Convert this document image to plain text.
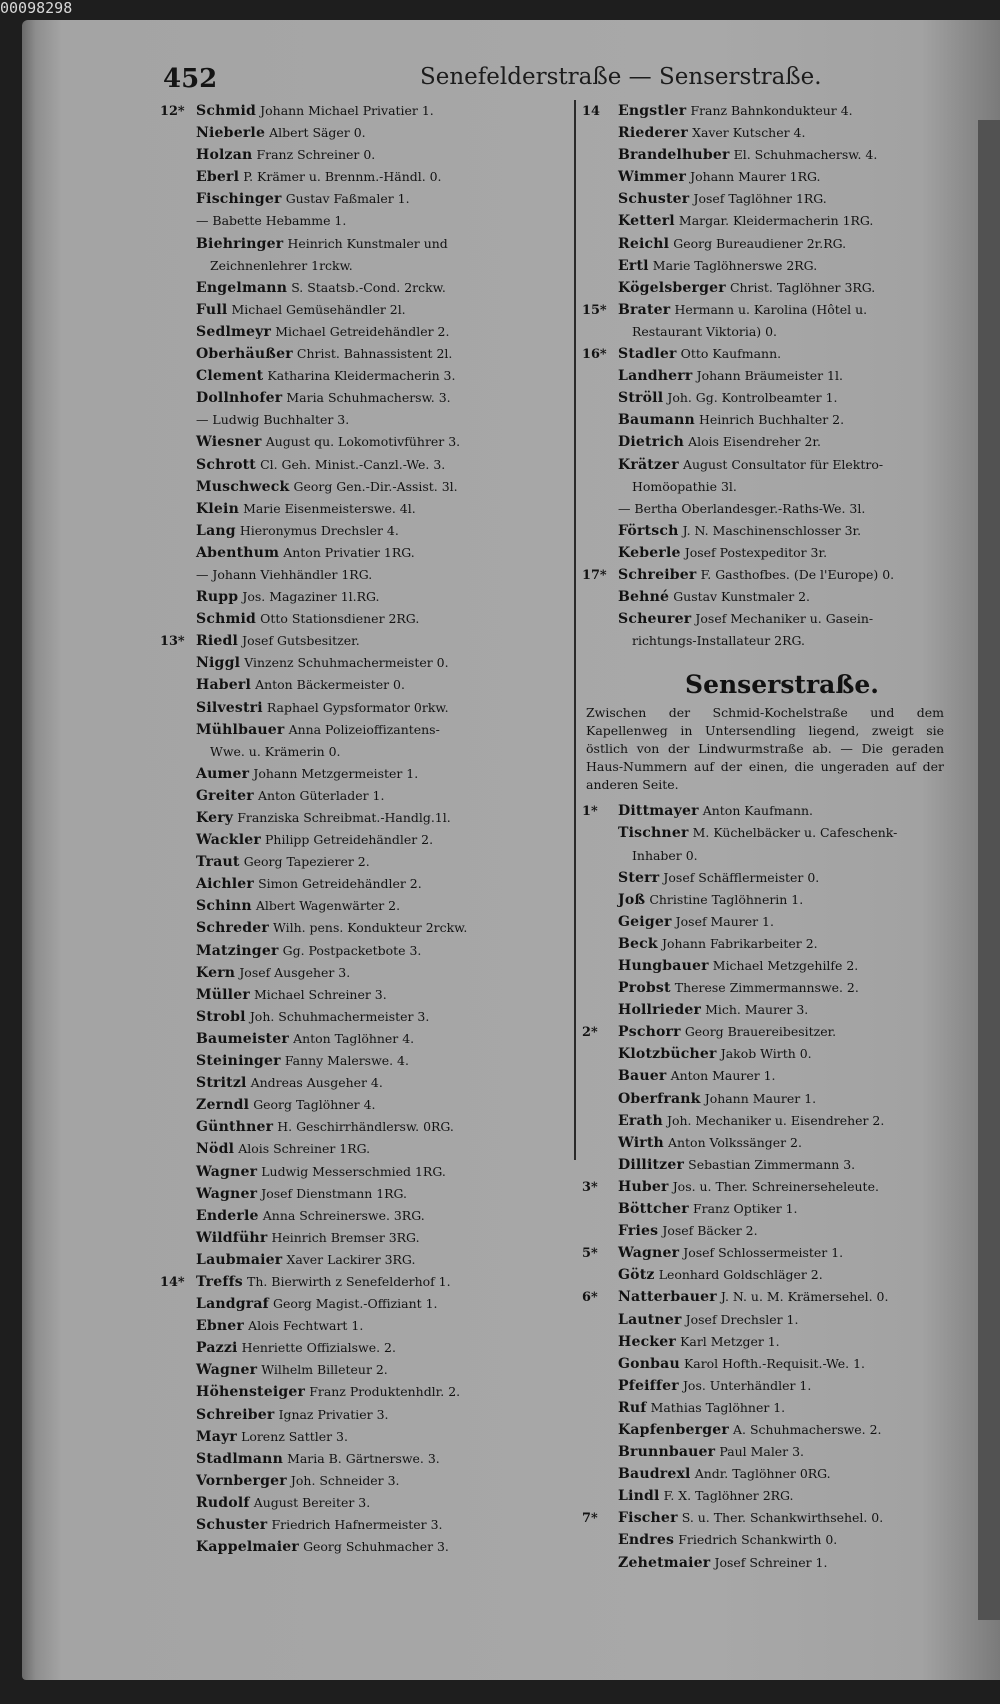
00098298
452	Senefelderstraße — Senserstraße.
12* Schmid Johann Michael Privatier 1.
Nieberle Albert Säger 0.
Holzan Franz Schreiner 0.
Eberl P. Krämer u. Brennm.-Händl. 0.
Fischinger Gustav Faßmaler 1.
— Babette Hebamme 1.
Biehringer Heinrich Kunstmaler und
Zeichnenlehrer 1rckw.
Engelmann S. Staatsb.-Cond. 2rckw.
Full Michael Gemüsehändler 2l.
Sedlmeyr Michael Getreidehändler 2.
Oberhäußer Christ. Bahnassistent 2l.
Clement Katharina Kleidermacherin 3.
Dollnhofer Maria Schuhmachersw. 3.
— Ludwig Buchhalter 3.
Wiesner August qu. Lokomotivführer 3.
Schrott Cl. Geh. Minist.-Canzl.-We. 3.
Muschweck Georg Gen.-Dir.-Assist. 3l.
Klein Marie Eisenmeisterswe. 4l.
Lang Hieronymus Drechsler 4.
Abenthum Anton Privatier 1RG.
— Johann Viehhändler 1RG.
Rupp Jos. Magaziner 1l.RG.
Schmid Otto Stationsdiener 2RG.
13* Riedl Josef Gutsbesitzer.
Niggl Vinzenz Schuhmachermeister 0.
Haberl Anton Bäckermeister 0.
Silvestri Raphael Gypsformator 0rkw.
Mühlbauer Anna Polizeioffizantens-
Wwe. u. Krämerin 0.
Aumer Johann Metzgermeister 1.
Greiter Anton Güterlader 1.
Kery Franziska Schreibmat.-Handlg.1l.
Wackler Philipp Getreidehändler 2.
Traut Georg Tapezierer 2.
Aichler Simon Getreidehändler 2.
Schinn Albert Wagenwärter 2.
Schreder Wilh. pens. Kondukteur 2rckw.
Matzinger Gg. Postpacketbote 3.
Kern Josef Ausgeher 3.
Müller Michael Schreiner 3.
Strobl Joh. Schuhmachermeister 3.
Baumeister Anton Taglöhner 4.
Steininger Fanny Malerswe. 4.
Stritzl Andreas Ausgeher 4.
Zerndl Georg Taglöhner 4.
Günthner H. Geschirrhändlersw. 0RG.
Nödl Alois Schreiner 1RG.
Wagner Ludwig Messerschmied 1RG.
Wagner Josef Dienstmann 1RG.
Enderle Anna Schreinerswe. 3RG.
Wildführ Heinrich Bremser 3RG.
Laubmaier Xaver Lackirer 3RG.
14* Treffs Th. Bierwirth z Senefelderhof 1.
Landgraf Georg Magist.-Offiziant 1.
Ebner Alois Fechtwart 1.
Pazzi Henriette Offizialswe. 2.
Wagner Wilhelm Billeteur 2.
Höhensteiger Franz Produktenhdlr. 2.
Schreiber Ignaz Privatier 3.
Mayr Lorenz Sattler 3.
Stadlmann Maria B. Gärtnerswe. 3.
Vornberger Joh. Schneider 3.
Rudolf August Bereiter 3.
Schuster Friedrich Hafnermeister 3.
Kappelmaier Georg Schuhmacher 3.
14 Engstler Franz Bahnkondukteur 4.
Riederer Xaver Kutscher 4.
Brandelhuber El. Schuhmachersw. 4.
Wimmer Johann Maurer 1RG.
Schuster Josef Taglöhner 1RG.
Ketterl Margar. Kleidermacherin 1RG.
Reichl Georg Bureaudiener 2r.RG.
Ertl Marie Taglöhnerswe 2RG.
Kögelsberger Christ. Taglöhner 3RG.
15* Brater Hermann u. Karolina (Hôtel u.
Restaurant Viktoria) 0.
16* Stadler Otto Kaufmann.
Landherr Johann Bräumeister 1l.
Ströll Joh. Gg. Kontrolbeamter 1.
Baumann Heinrich Buchhalter 2.
Dietrich Alois Eisendreher 2r.
Krätzer August Consultator für Elektro-
Homöopathie 3l.
— Bertha Oberlandesger.-Raths-We. 3l.
Förtsch J. N. Maschinenschlosser 3r.
Keberle Josef Postexpeditor 3r.
17* Schreiber F. Gasthofbes. (De l'Europe) 0.
Behné Gustav Kunstmaler 2.
Scheurer Josef Mechaniker u. Gasein-
richtungs-Installateur 2RG.
Senserstraße.
Zwischen der Schmid-Kochelstraße und dem Kapellenweg in Untersendling liegend, zweigt sie östlich von der Lindwurmstraße ab. — Die geraden Haus-Nummern auf der einen, die ungeraden auf der anderen Seite.
1* Dittmayer Anton Kaufmann.
Tischner M. Küchelbäcker u. Cafeschenk-
Inhaber 0.
Sterr Josef Schäfflermeister 0.
Joß Christine Taglöhnerin 1.
Geiger Josef Maurer 1.
Beck Johann Fabrikarbeiter 2.
Hungbauer Michael Metzgehilfe 2.
Probst Therese Zimmermannswe. 2.
Hollrieder Mich. Maurer 3.
2* Pschorr Georg Brauereibesitzer.
Klotzbücher Jakob Wirth 0.
Bauer Anton Maurer 1.
Oberfrank Johann Maurer 1.
Erath Joh. Mechaniker u. Eisendreher 2.
Wirth Anton Volkssänger 2.
Dillitzer Sebastian Zimmermann 3.
3* Huber Jos. u. Ther. Schreinerseheleute.
Böttcher Franz Optiker 1.
Fries Josef Bäcker 2.
5* Wagner Josef Schlossermeister 1.
Götz Leonhard Goldschläger 2.
6* Natterbauer J. N. u. M. Krämersehel. 0.
Lautner Josef Drechsler 1.
Hecker Karl Metzger 1.
Gonbau Karol Hofth.-Requisit.-We. 1.
Pfeiffer Jos. Unterhändler 1.
Ruf Mathias Taglöhner 1.
Kapfenberger A. Schuhmacherswe. 2.
Brunnbauer Paul Maler 3.
Baudrexl Andr. Taglöhner 0RG.
Lindl F. X. Taglöhner 2RG.
7* Fischer S. u. Ther. Schankwirthsehel. 0.
Endres Friedrich Schankwirth 0.
Zehetmaier Josef Schreiner 1.
